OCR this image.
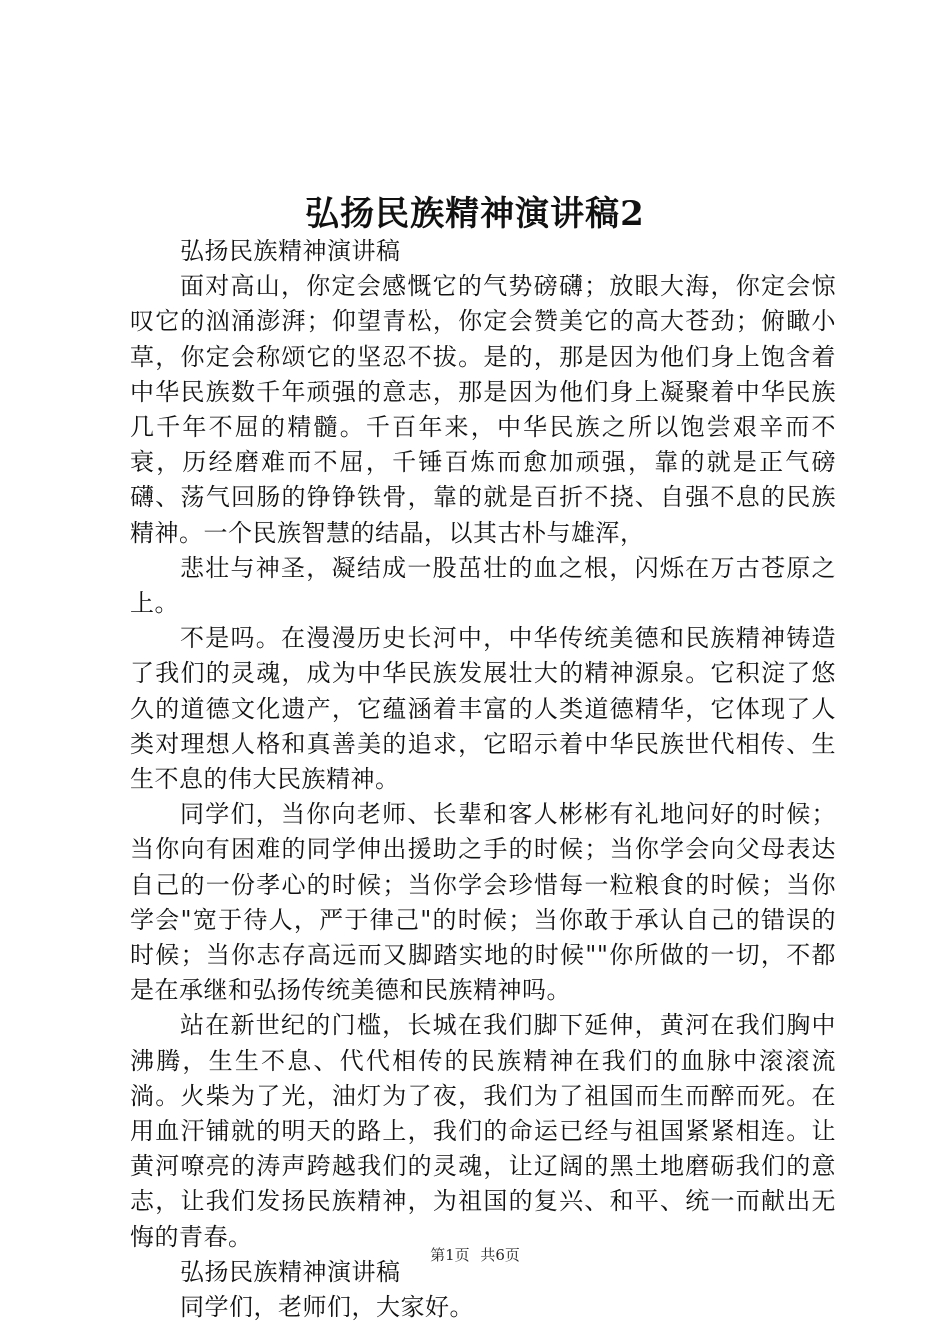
弘扬民族精神演讲稿2

弘扬民族精神演讲稿

面对高山，你定会感慨它的气势磅礴；放眼大海，你定会惊叹它的汹涌澎湃；仰望青松，你定会赞美它的高大苍劲；俯瞰小草，你定会称颂它的坚忍不拔。是的，那是因为他们身上饱含着中华民族数千年顽强的意志，那是因为他们身上凝聚着中华民族几千年不屈的精髓。千百年来，中华民族之所以饱尝艰辛而不衰，历经磨难而不屈，千锤百炼而愈加顽强，靠的就是正气磅礴、荡气回肠的铮铮铁骨，靠的就是百折不挠、自强不息的民族精神。一个民族智慧的结晶，以其古朴与雄浑，

悲壮与神圣，凝结成一股茁壮的血之根，闪烁在万古苍原之上。

不是吗。在漫漫历史长河中，中华传统美德和民族精神铸造了我们的灵魂，成为中华民族发展壮大的精神源泉。它积淀了悠久的道德文化遗产，它蕴涵着丰富的人类道德精华，它体现了人类对理想人格和真善美的追求，它昭示着中华民族世代相传、生生不息的伟大民族精神。

同学们，当你向老师、长辈和客人彬彬有礼地问好的时候；当你向有困难的同学伸出援助之手的时候；当你学会向父母表达自己的一份孝心的时候；当你学会珍惜每一粒粮食的时候；当你学会"宽于待人，严于律己"的时候；当你敢于承认自己的错误的时候；当你志存高远而又脚踏实地的时候""你所做的一切，不都是在承继和弘扬传统美德和民族精神吗。

站在新世纪的门槛，长城在我们脚下延伸，黄河在我们胸中沸腾，生生不息、代代相传的民族精神在我们的血脉中滚滚流淌。火柴为了光，油灯为了夜，我们为了祖国而生而醉而死。在用血汗铺就的明天的路上，我们的命运已经与祖国紧紧相连。让黄河嘹亮的涛声跨越我们的灵魂，让辽阔的黑土地磨砺我们的意志，让我们发扬民族精神，为祖国的复兴、和平、统一而献出无悔的青春。

弘扬民族精神演讲稿

同学们，老师们，大家好。

第1页 共6页
